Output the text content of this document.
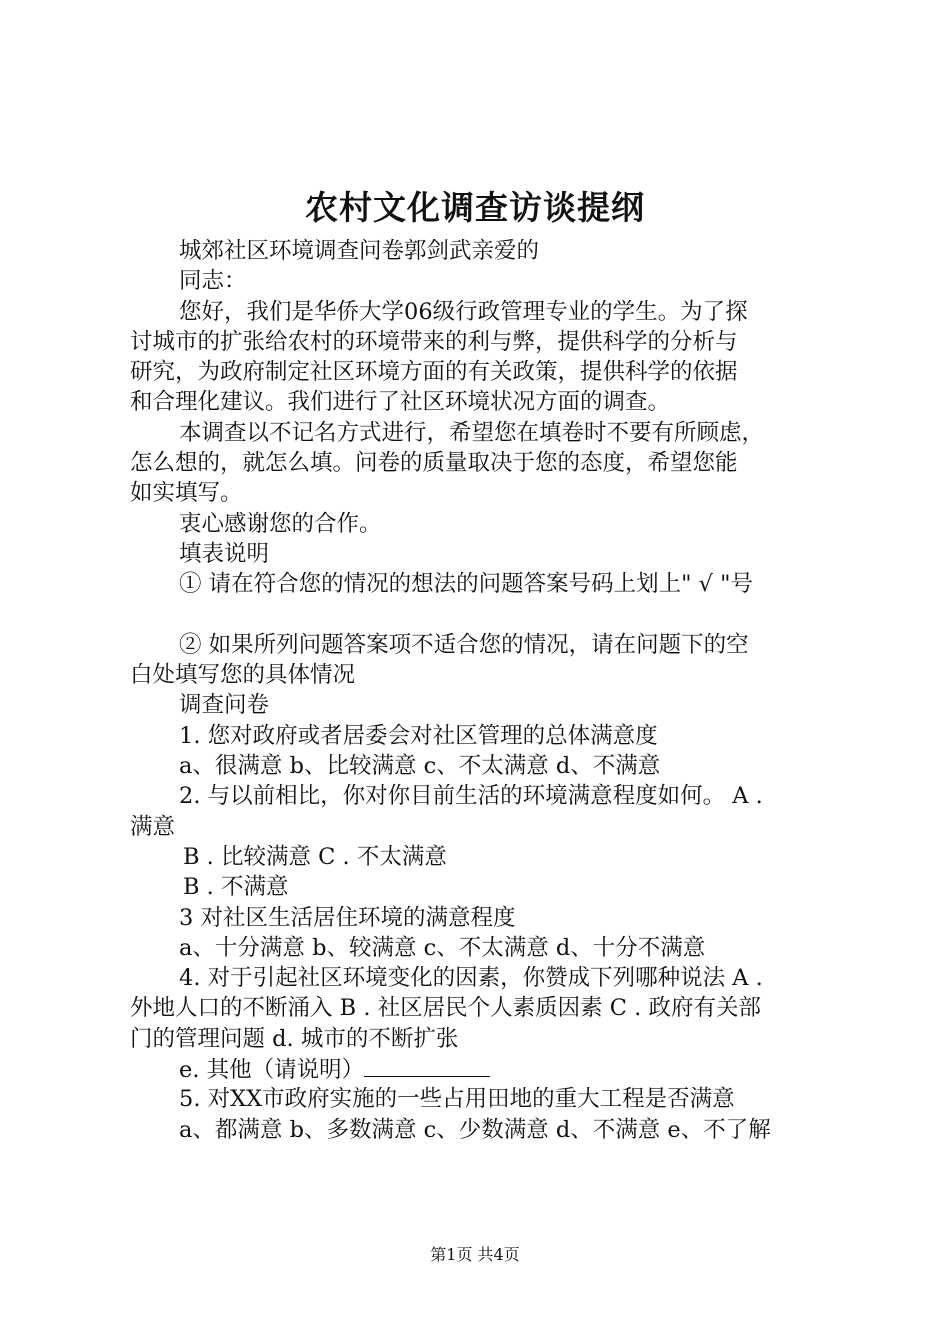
农村文化调查访谈提纲
城郊社区环境调查问卷郭剑武亲爱的
同志：
您好，我们是华侨大学06级行政管理专业的学生。为了探
讨城市的扩张给农村的环境带来的利与弊，提供科学的分析与
研究，为政府制定社区环境方面的有关政策，提供科学的依据
和合理化建议。我们进行了社区环境状况方面的调查。
本调查以不记名方式进行，希望您在填卷时不要有所顾虑，
怎么想的，就怎么填。问卷的质量取决于您的态度，希望您能
如实填写。
衷心感谢您的合作。
填表说明
① 请在符合您的情况的想法的问题答案号码上划上" √ "号
② 如果所列问题答案项不适合您的情况，请在问题下的空
白处填写您的具体情况
调查问卷
1. 您对政府或者居委会对社区管理的总体满意度
a、很满意 b、比较满意 c、不太满意 d、不满意
2. 与以前相比，你对你目前生活的环境满意程度如何。 A .
满意
B . 比较满意 C . 不太满意
B . 不满意
3 对社区生活居住环境的满意程度
a、十分满意 b、较满意 c、不太满意 d、十分不满意
4. 对于引起社区环境变化的因素，你赞成下列哪种说法 A .
外地人口的不断涌入 B . 社区居民个人素质因素 C . 政府有关部
门的管理问题 d. 城市的不断扩张
e. 其他（请说明）
5. 对XX市政府实施的一些占用田地的重大工程是否满意
a、都满意 b、多数满意 c、少数满意 d、不满意 e、不了解
第1页 共4页
